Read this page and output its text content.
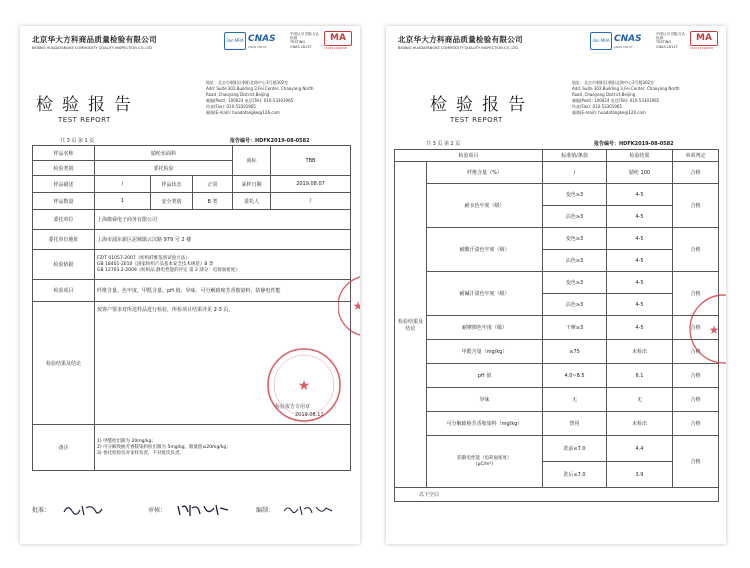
北京华大方科商品质量检验有限公司
BEIJING HUADAFANGKE COMMODITY QUALITY INSPECTION CO.,LTD
ilac-MRA CNAS
CNAS L8137
中国认可 国际互认 检测
TESTING
CNAS L8137
MA
150111340058
检验报告
TEST REPORT
地址：北京市朝阳区朝阳北路中心3号楼302室
Add: Suite 302,Building 3,Fei Center, Chaoyang North
Road ,Chaoyang District,Beijing
邮编(Post): 100024 电话(Tel): 010-53301965
传真(Fax): 010-53301965
邮箱(E-mail): huadafangke@126.com
共 3 页 第 1 页	报告编号：HDFK2019-08-0582
样品名称	腈纶布面料			商标	TBB
检验类别	委托检验				
样品描述	/	样品状态	正常	来样日期	2019.08.07
样品数量	1	安全类别	B 类	委托人	/
委托单位	上海微舜电子商务有限公司				
委托单位地址	上海市浦东新区泥城镇云汉路 979 号 2 楼				
检验依据	FZ/T 01057-2007《纺织纤维鉴别试验方法》
GB 18401-2010《国家纺织产品基本安全技术规范》B 类
GB 12703.2-2009《纺织品 静电性能的评定 第 2 部分：电荷面密度》				

检验项目	纤维含量、色牢度、甲醛含量、pH 值、异味、可分解致癌芳香胺染料、防静电性能				
检验结果及结论	按客户要求对所送样品进行检验，所检项目结果详见 2-3 页。
检验报告专用章
2019.08.12				

备注	1) 甲醛检出限为 20mg/kg；
2) 可分解致癌芳香胺染料检出限为 5mg/kg，限量值≤20mg/kg；
3) 委托检验仅对来样负责，不对批次负责。				
★
★
批准：	审核：	编制：
北京华大方科商品质量检验有限公司
BEIJING HUADAFANGKE COMMODITY QUALITY INSPECTION CO.,LTD
ilac-MRA CNAS
CNAS L8137
中国认可 国际互认 检测
TESTING
CNAS L8137
MA
150111340058
检验报告
TEST REPORT
地址：北京市朝阳区朝阳北路中心3号楼302室
Add: Suite 302,Building 3,Fei Center, Chaoyang North
Road ,Chaoyang District,Beijing
邮编(Post): 100024 电话(Tel): 010-53301965
传真(Fax): 010-53301965
邮箱(E-mail): huadafangke@126.com
共 3 页 第 2 页	报告编号：HDFK2019-08-0582
检验项目		标准值/条款	检验结果	单项判定
检验结果及结论	纤维含量（%）	/	腈纶 100	合格
	耐水色牢度（级）	变色≥3	4-5	合格
		沾色≥3	4-5	
	耐酸汗渍色牢度（级）	变色≥3	4-5	合格
		沾色≥3	4-5	
	耐碱汗渍色牢度（级）	变色≥3	4-5	合格
		沾色≥3	4-5	
	耐摩擦色牢度（级）	干摩≥3	4-5	合格
	甲醛含量（mg/kg）	≤75	未检出	合格
	pH 值	4.0~8.5	6.1	合格
	异味	无	无	合格
	可分解致癌芳香胺染料（mg/kg）	禁用	未检出	合格

	防静电性能（电荷面密度）
(μC/m²)	洗前≤7.0	4.4	合格
		洗后≤7.0	3.9	
以下空白				
★
